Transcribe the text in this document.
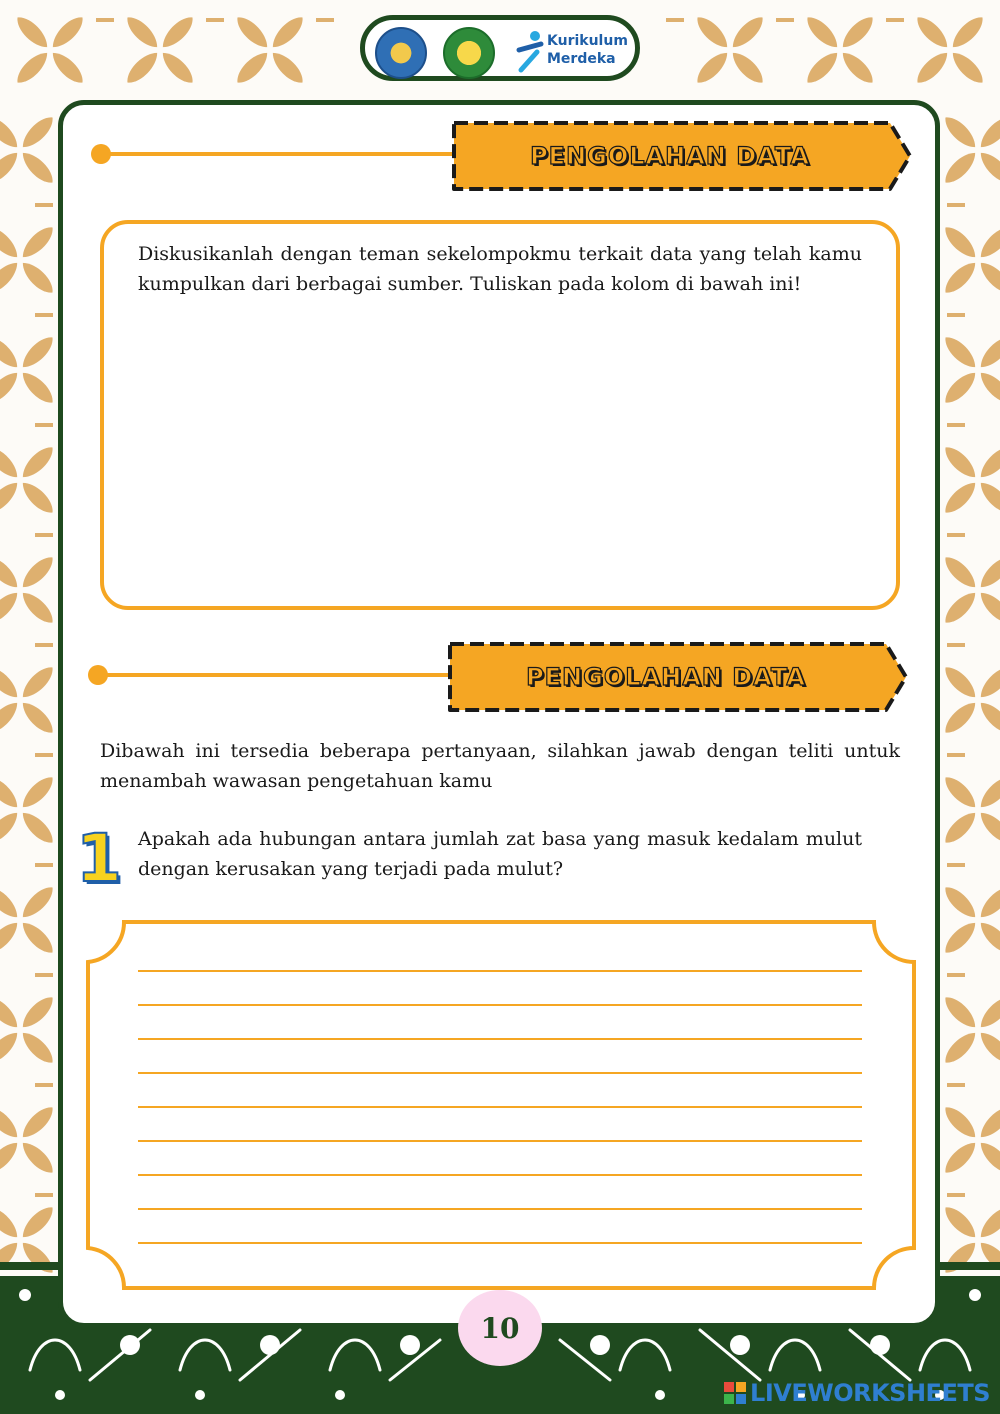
Kurikulum
Merdeka
PENGOLAHAN DATA
Diskusikanlah dengan teman sekelompokmu terkait data yang telah kamu kumpulkan dari berbagai sumber. Tuliskan pada kolom di bawah ini!
PENGOLAHAN DATA
Dibawah ini tersedia beberapa pertanyaan, silahkan jawab dengan teliti untuk menambah wawasan pengetahuan kamu
1 Apakah ada hubungan antara jumlah zat basa yang masuk kedalam mulut dengan kerusakan yang terjadi pada mulut?
10
LIVEWORKSHEETS
